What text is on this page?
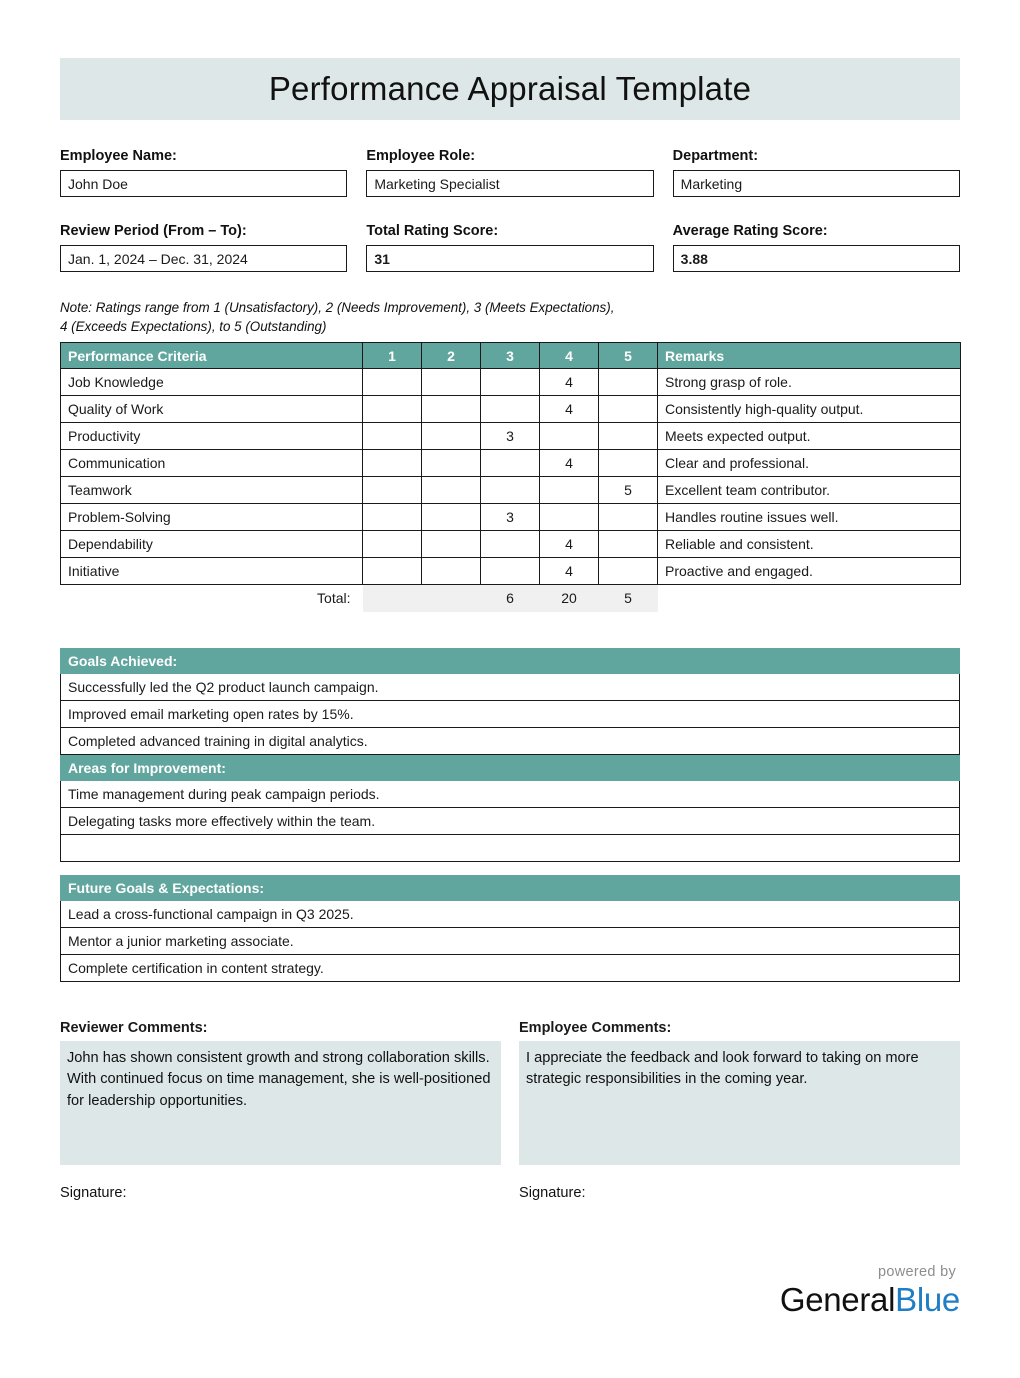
Performance Appraisal Template
Employee Name:
John Doe
Employee Role:
Marketing Specialist
Department:
Marketing
Review Period (From – To):
Jan. 1, 2024 – Dec. 31, 2024
Total Rating Score:
31
Average Rating Score:
3.88
Note: Ratings range from 1 (Unsatisfactory), 2 (Needs Improvement), 3 (Meets Expectations),
4 (Exceeds Expectations), to 5 (Outstanding)
Performance Criteria	1	2	3	4	5	Remarks
Job Knowledge				4		Strong grasp of role.
Quality of Work				4		Consistently high-quality output.
Productivity			3			Meets expected output.
Communication				4		Clear and professional.
Teamwork					5	Excellent team contributor.
Problem-Solving			3			Handles routine issues well.
Dependability				4		Reliable and consistent.
Initiative				4		Proactive and engaged.
Total:			6	20	5	
Goals Achieved:
Successfully led the Q2 product launch campaign.
Improved email marketing open rates by 15%.
Completed advanced training in digital analytics.
Areas for Improvement:
Time management during peak campaign periods.
Delegating tasks more effectively within the team.
Future Goals & Expectations:
Lead a cross-functional campaign in Q3 2025.
Mentor a junior marketing associate.
Complete certification in content strategy.
Reviewer Comments:
John has shown consistent growth and strong collaboration skills. With continued focus on time management, she is well-positioned for leadership opportunities.
Signature:
Employee Comments:
I appreciate the feedback and look forward to taking on more strategic responsibilities in the coming year.
Signature:
powered by
GeneralBlue
